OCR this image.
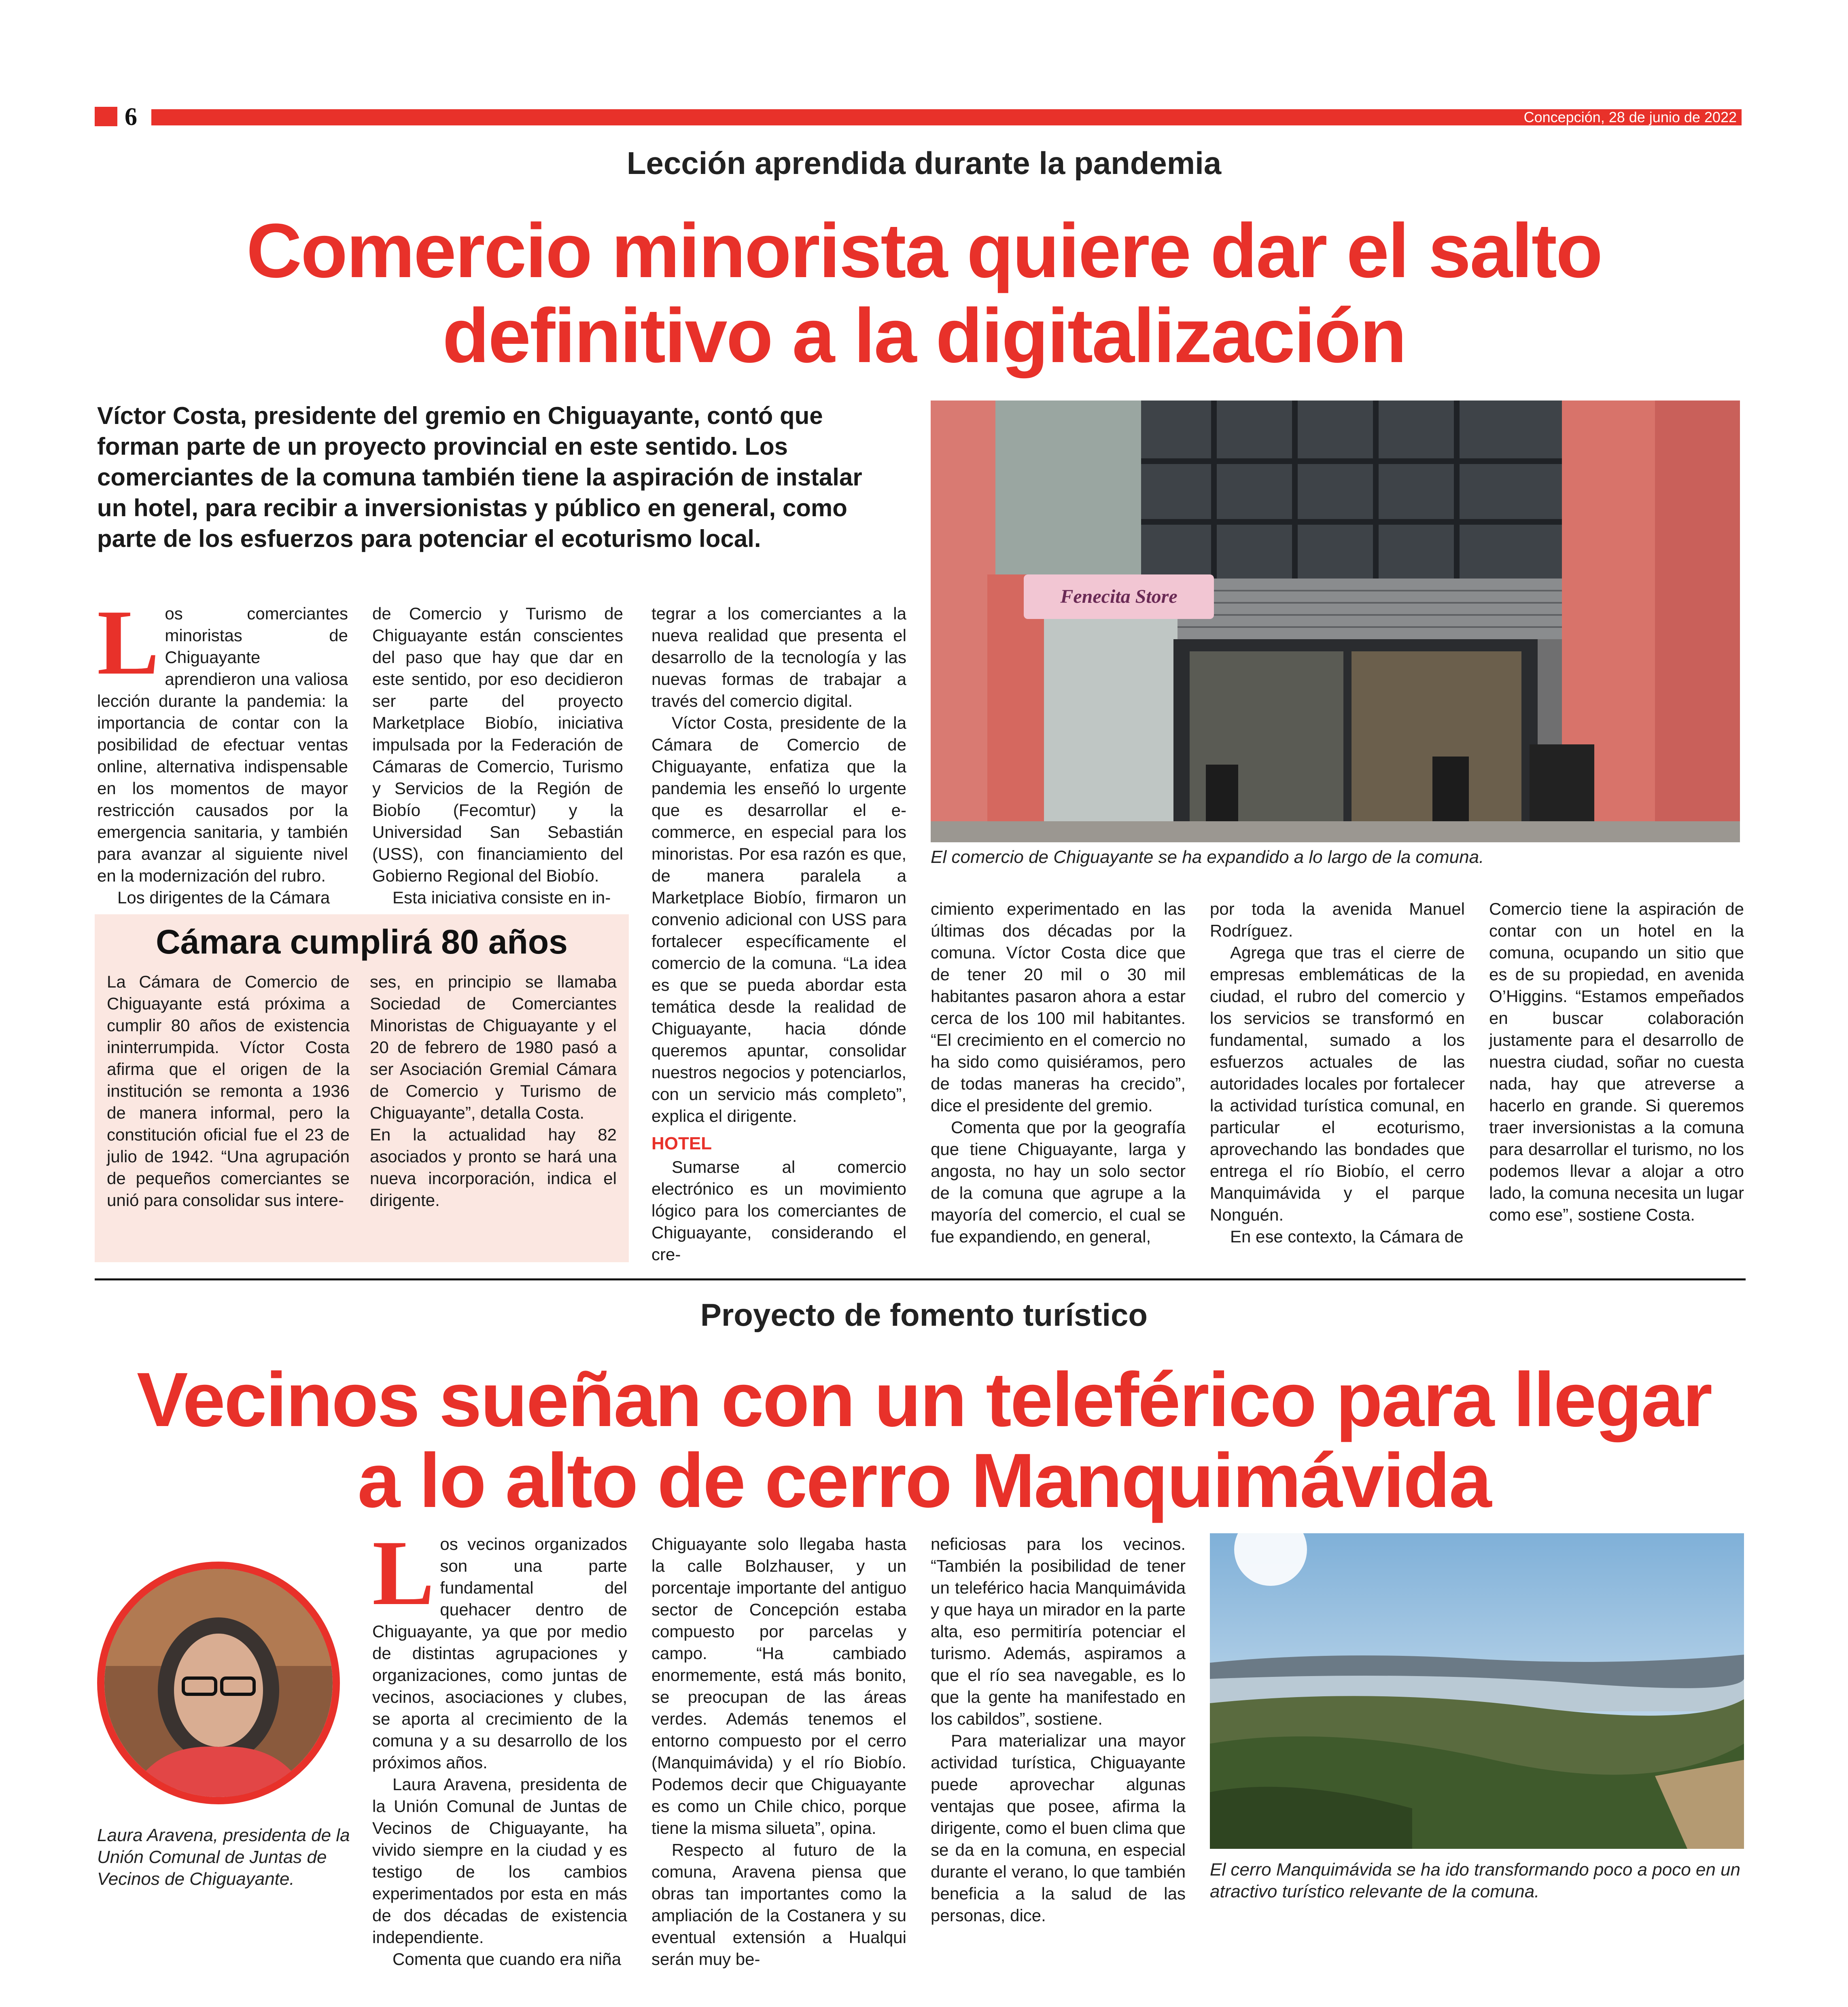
6	Concepción, 28 de junio de 2022
Lección aprendida durante la pandemia
Comercio minorista quiere dar el salto
definitivo a la digitalización
Víctor Costa, presidente del gremio en Chiguayante, contó que forman parte de un proyecto provincial en este sentido. Los comerciantes de la comuna también tiene la aspiración de instalar un hotel, para recibir a inversionistas y público en general, como parte de los esfuerzos para potenciar el ecoturismo local.
Fenecita Store
El comercio de Chiguayante se ha expandido a lo largo de la comuna.
L os comerciantes minoristas de Chiguayante aprendieron una valiosa lección durante la pandemia: la importancia de contar con la posibilidad de efectuar ventas online, alternativa indispensable en los momentos de mayor restricción causados por la emergencia sanitaria, y también para avanzar al siguiente nivel en la modernización del rubro.

Los dirigentes de la Cámara

de Comercio y Turismo de Chiguayante están conscientes del paso que hay que dar en este sentido, por eso decidieron ser parte del proyecto Marketplace Biobío, iniciativa impulsada por la Federación de Cámaras de Comercio, Turismo y Servicios de la Región de Biobío (Fecomtur) y la Universidad San Sebastián (USS), con financiamiento del Gobierno Regional del Biobío.

Esta iniciativa consiste en in-

tegrar a los comerciantes a la nueva realidad que presenta el desarrollo de la tecnología y las nuevas formas de trabajar a través del comercio digital.

Víctor Costa, presidente de la Cámara de Comercio de Chiguayante, enfatiza que la pandemia les enseñó lo urgente que es desarrollar el e-commerce, en especial para los minoristas. Por esa razón es que, de manera paralela a Marketplace Biobío, firmaron un convenio adicional con USS para fortalecer específicamente el comercio de la comuna. “La idea es que se pueda abordar esta temática desde la realidad de Chiguayante, hacia dónde queremos apuntar, consolidar nuestros negocios y potenciarlos, con un servicio más completo”, explica el dirigente.

HOTEL

Sumarse al comercio electrónico es un movimiento lógico para los comerciantes de Chiguayante, considerando el cre-

cimiento experimentado en las últimas dos décadas por la comuna. Víctor Costa dice que de tener 20 mil o 30 mil habitantes pasaron ahora a estar cerca de los 100 mil habitantes. “El crecimiento en el comercio no ha sido como quisiéramos, pero de todas maneras ha crecido”, dice el presidente del gremio.

Comenta que por la geografía que tiene Chiguayante, larga y angosta, no hay un solo sector de la comuna que agrupe a la mayoría del comercio, el cual se fue expandiendo, en general,

por toda la avenida Manuel Rodríguez.

Agrega que tras el cierre de empresas emblemáticas de la ciudad, el rubro del comercio y los servicios se transformó en fundamental, sumado a los esfuerzos actuales de las autoridades locales por fortalecer la actividad turística comunal, en particular el ecoturismo, aprovechando las bondades que entrega el río Biobío, el cerro Manquimávida y el parque Nonguén.

En ese contexto, la Cámara de

Comercio tiene la aspiración de contar con un hotel en la comuna, ocupando un sitio que es de su propiedad, en avenida O’Higgins. “Estamos empeñados en buscar colaboración justamente para el desarrollo de nuestra ciudad, soñar no cuesta nada, hay que atreverse a hacerlo en grande. Si queremos traer inversionistas a la comuna para desarrollar el turismo, no los podemos llevar a alojar a otro lado, la comuna necesita un lugar como ese”, sostiene Costa.

Cámara cumplirá 80 años

La Cámara de Comercio de Chiguayante está próxima a cumplir 80 años de existencia ininterrumpida. Víctor Costa afirma que el origen de la institución se remonta a 1936 de manera informal, pero la constitución oficial fue el 23 de julio de 1942. “Una agrupación de pequeños comerciantes se unió para consolidar sus intere-

ses, en principio se llamaba Sociedad de Comerciantes Minoristas de Chiguayante y el 20 de febrero de 1980 pasó a ser Asociación Gremial Cámara de Comercio y Turismo de Chiguayante”, detalla Costa.

En la actualidad hay 82 asociados y pronto se hará una nueva incorporación, indica el dirigente.

Proyecto de fomento turístico
Vecinos sueñan con un teleférico para llegar
a lo alto de cerro Manquimávida
Laura Aravena, presidenta de la Unión Comunal de Juntas de Vecinos de Chiguayante.
L os vecinos organizados son una parte fundamental del quehacer dentro de Chiguayante, ya que por medio de distintas agrupaciones y organizaciones, como juntas de vecinos, asociaciones y clubes, se aporta al crecimiento de la comuna y a su desarrollo de los próximos años.

Laura Aravena, presidenta de la Unión Comunal de Juntas de Vecinos de Chiguayante, ha vivido siempre en la ciudad y es testigo de los cambios experimentados por esta en más de dos décadas de existencia independiente.

Comenta que cuando era niña

Chiguayante solo llegaba hasta la calle Bolzhauser, y un porcentaje importante del antiguo sector de Concepción estaba compuesto por parcelas y campo. “Ha cambiado enormemente, está más bonito, se preocupan de las áreas verdes. Además tenemos el entorno compuesto por el cerro (Manquimávida) y el río Biobío. Podemos decir que Chiguayante es como un Chile chico, porque tiene la misma silueta”, opina.

Respecto al futuro de la comuna, Aravena piensa que obras tan importantes como la ampliación de la Costanera y su eventual extensión a Hualqui serán muy be-

neficiosas para los vecinos. “También la posibilidad de tener un teleférico hacia Manquimávida y que haya un mirador en la parte alta, eso permitiría potenciar el turismo. Además, aspiramos a que el río sea navegable, es lo que la gente ha manifestado en los cabildos”, sostiene.

Para materializar una mayor actividad turística, Chiguayante puede aprovechar algunas ventajas que posee, afirma la dirigente, como el buen clima que se da en la comuna, en especial durante el verano, lo que también beneficia a la salud de las personas, dice.

El cerro Manquimávida se ha ido transformando poco a poco en un atractivo turístico relevante de la comuna.
